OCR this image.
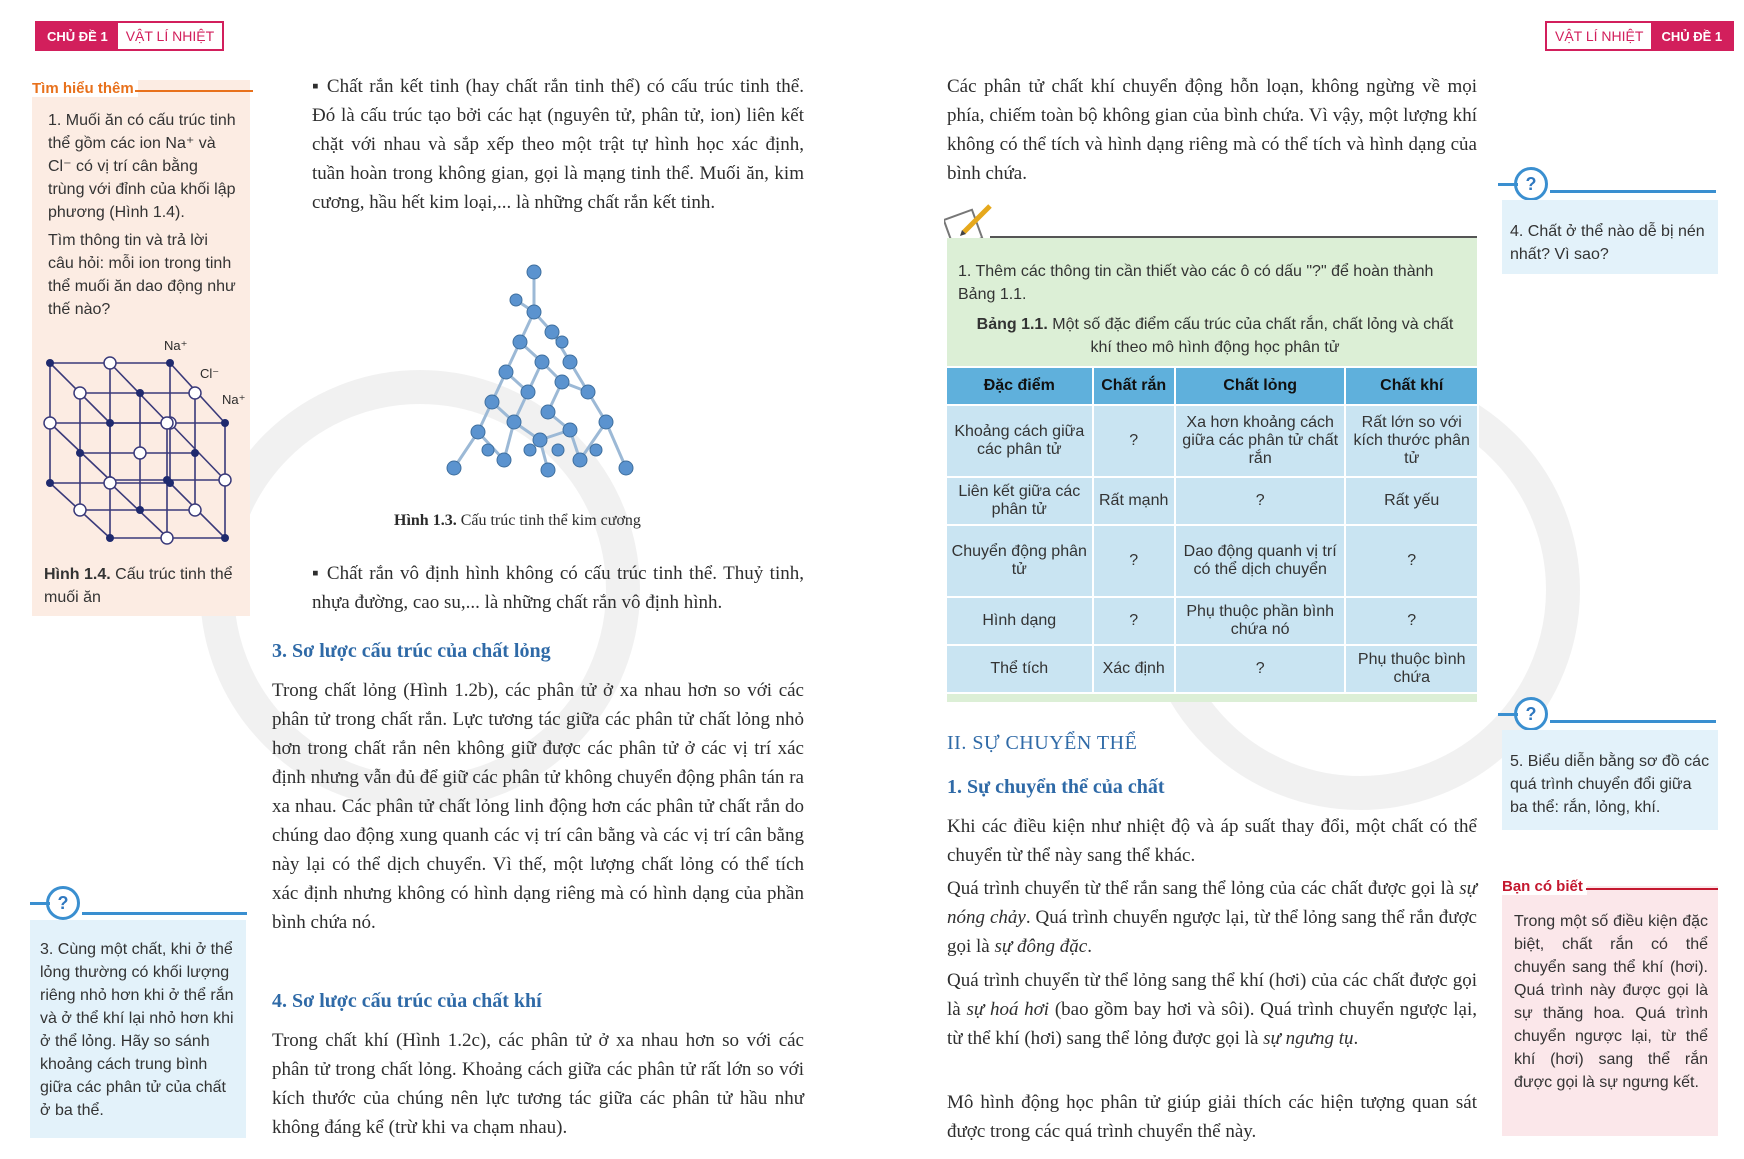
CHỦ ĐỀ 1	VẬT LÍ NHIỆT	VẬT LÍ NHIỆT	CHỦ ĐỀ 1
Tìm hiểu thêm
1. Muối ăn có cấu trúc tinh thể gồm các ion Na⁺ và Cl⁻ có vị trí cân bằng trùng với đỉnh của khối lập phương (Hình 1.4).
Tìm thông tin và trả lời câu hỏi: mỗi ion trong tinh thể muối ăn dao động như thế nào?
Na⁺
Cl⁻
Na⁺
Hình 1.4. Cấu trúc tinh thể muối ăn
?
3. Cùng một chất, khi ở thể lỏng thường có khối lượng riêng nhỏ hơn khi ở thể rắn và ở thể khí lại nhỏ hơn khi ở thể lỏng. Hãy so sánh khoảng cách trung bình giữa các phân tử của chất ở ba thể.
▪ Chất rắn kết tinh (hay chất rắn tinh thể) có cấu trúc tinh thể. Đó là cấu trúc tạo bởi các hạt (nguyên tử, phân tử, ion) liên kết chặt với nhau và sắp xếp theo một trật tự hình học xác định, tuần hoàn trong không gian, gọi là mạng tinh thể. Muối ăn, kim cương, hầu hết kim loại,... là những chất rắn kết tinh.
Hình 1.3. Cấu trúc tinh thể kim cương
▪ Chất rắn vô định hình không có cấu trúc tinh thể. Thuỷ tinh, nhựa đường, cao su,... là những chất rắn vô định hình.
3. Sơ lược cấu trúc của chất lỏng
Trong chất lỏng (Hình 1.2b), các phân tử ở xa nhau hơn so với các phân tử trong chất rắn. Lực tương tác giữa các phân tử chất lỏng nhỏ hơn trong chất rắn nên không giữ được các phân tử ở các vị trí xác định nhưng vẫn đủ để giữ các phân tử không chuyển động phân tán ra xa nhau. Các phân tử chất lỏng linh động hơn các phân tử chất rắn do chúng dao động xung quanh các vị trí cân bằng và các vị trí cân bằng này lại có thể dịch chuyển. Vì thế, một lượng chất lỏng có thể tích xác định nhưng không có hình dạng riêng mà có hình dạng của phần bình chứa nó.
4. Sơ lược cấu trúc của chất khí
Trong chất khí (Hình 1.2c), các phân tử ở xa nhau hơn so với các phân tử trong chất lỏng. Khoảng cách giữa các phân tử rất lớn so với kích thước của chúng nên lực tương tác giữa các phân tử hầu như không đáng kể (trừ khi va chạm nhau).
Các phân tử chất khí chuyển động hỗn loạn, không ngừng về mọi phía, chiếm toàn bộ không gian của bình chứa. Vì vậy, một lượng khí không có thể tích và hình dạng riêng mà có thể tích và hình dạng của bình chứa.
1. Thêm các thông tin cần thiết vào các ô có dấu "?" để hoàn thành Bảng 1.1.
Bảng 1.1. Một số đặc điểm cấu trúc của chất rắn, chất lỏng và chất khí theo mô hình động học phân tử
Đặc điểm	Chất rắn	Chất lỏng	Chất khí
Khoảng cách giữa các phân tử	?	Xa hơn khoảng cách giữa các phân tử chất rắn	Rất lớn so với kích thước phân tử
Liên kết giữa các phân tử	Rất mạnh	?	Rất yếu
Chuyển động phân tử	?	Dao động quanh vị trí có thể dịch chuyển	?
Hình dạng	?	Phụ thuộc phần bình chứa nó	?
Thể tích	Xác định	?	Phụ thuộc bình chứa
II. SỰ CHUYỂN THỂ
1. Sự chuyển thể của chất
Khi các điều kiện như nhiệt độ và áp suất thay đổi, một chất có thể chuyển từ thể này sang thể khác.
Quá trình chuyển từ thể rắn sang thể lỏng của các chất được gọi là sự nóng chảy. Quá trình chuyển ngược lại, từ thể lỏng sang thể rắn được gọi là sự đông đặc.
Quá trình chuyển từ thể lỏng sang thể khí (hơi) của các chất được gọi là sự hoá hơi (bao gồm bay hơi và sôi). Quá trình chuyển ngược lại, từ thể khí (hơi) sang thể lỏng được gọi là sự ngưng tụ.
Mô hình động học phân tử giúp giải thích các hiện tượng quan sát được trong các quá trình chuyển thể này.
?
4. Chất ở thể nào dễ bị nén nhất? Vì sao?
?
5. Biểu diễn bằng sơ đồ các quá trình chuyển đổi giữa ba thể: rắn, lỏng, khí.
Bạn có biết
Trong một số điều kiện đặc biệt, chất rắn có thể chuyển sang thể khí (hơi). Quá trình này được gọi là sự thăng hoa. Quá trình chuyển ngược lại, từ thể khí (hơi) sang thể rắn được gọi là sự ngưng kết.
